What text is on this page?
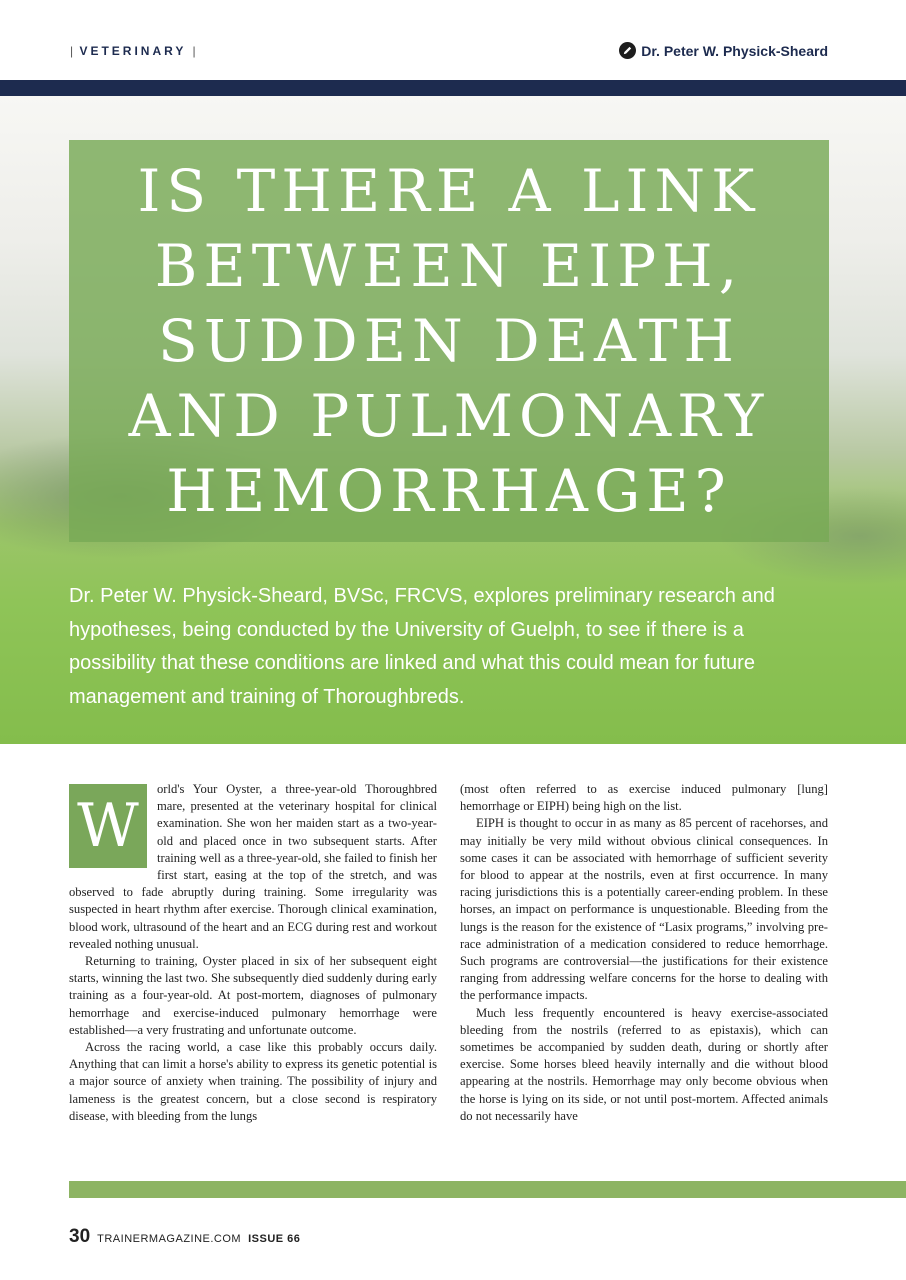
| VETERINARY |	Dr. Peter W. Physick-Sheard
IS THERE A LINK BETWEEN EIPH, SUDDEN DEATH AND PULMONARY HEMORRHAGE?

Dr. Peter W. Physick-Sheard, BVSc, FRCVS, explores preliminary research and hypotheses, being conducted by the University of Guelph, to see if there is a possibility that these conditions are linked and what this could mean for future management and training of Thoroughbreds.

W
orld's Your Oyster, a three-year-old Thoroughbred mare, presented at the veterinary hospital for clinical examination. She won her maiden start as a two-year-old and placed once in two subsequent starts. After training well as a three-year-old, she failed to finish her first start, easing at the top of the stretch, and was observed to fade abruptly during training. Some irregularity was suspected in heart rhythm after exercise. Thorough clinical examination, blood work, ultrasound of the heart and an ECG during rest and workout revealed nothing unusual.

Returning to training, Oyster placed in six of her subsequent eight starts, winning the last two. She subsequently died suddenly during early training as a four-year-old. At post-mortem, diagnoses of pulmonary hemorrhage and exercise-induced pulmonary hemorrhage were established—a very frustrating and unfortunate outcome.

Across the racing world, a case like this probably occurs daily. Anything that can limit a horse's ability to express its genetic potential is a major source of anxiety when training. The possibility of injury and lameness is the greatest concern, but a close second is respiratory disease, with bleeding from the lungs

(most often referred to as exercise induced pulmonary [lung] hemorrhage or EIPH) being high on the list.

EIPH is thought to occur in as many as 85 percent of racehorses, and may initially be very mild without obvious clinical consequences. In some cases it can be associated with hemorrhage of sufficient severity for blood to appear at the nostrils, even at first occurrence. In many racing jurisdictions this is a potentially career-ending problem. In these horses, an impact on performance is unquestionable. Bleeding from the lungs is the reason for the existence of “Lasix programs,” involving pre-race administration of a medication considered to reduce hemorrhage. Such programs are controversial—the justifications for their existence ranging from addressing welfare concerns for the horse to dealing with the performance impacts.

Much less frequently encountered is heavy exercise-associated bleeding from the nostrils (referred to as epistaxis), which can sometimes be accompanied by sudden death, during or shortly after exercise. Some horses bleed heavily internally and die without blood appearing at the nostrils. Hemorrhage may only become obvious when the horse is lying on its side, or not until post-mortem. Affected animals do not necessarily have

30 TRAINERMAGAZINE.COM ISSUE 66
